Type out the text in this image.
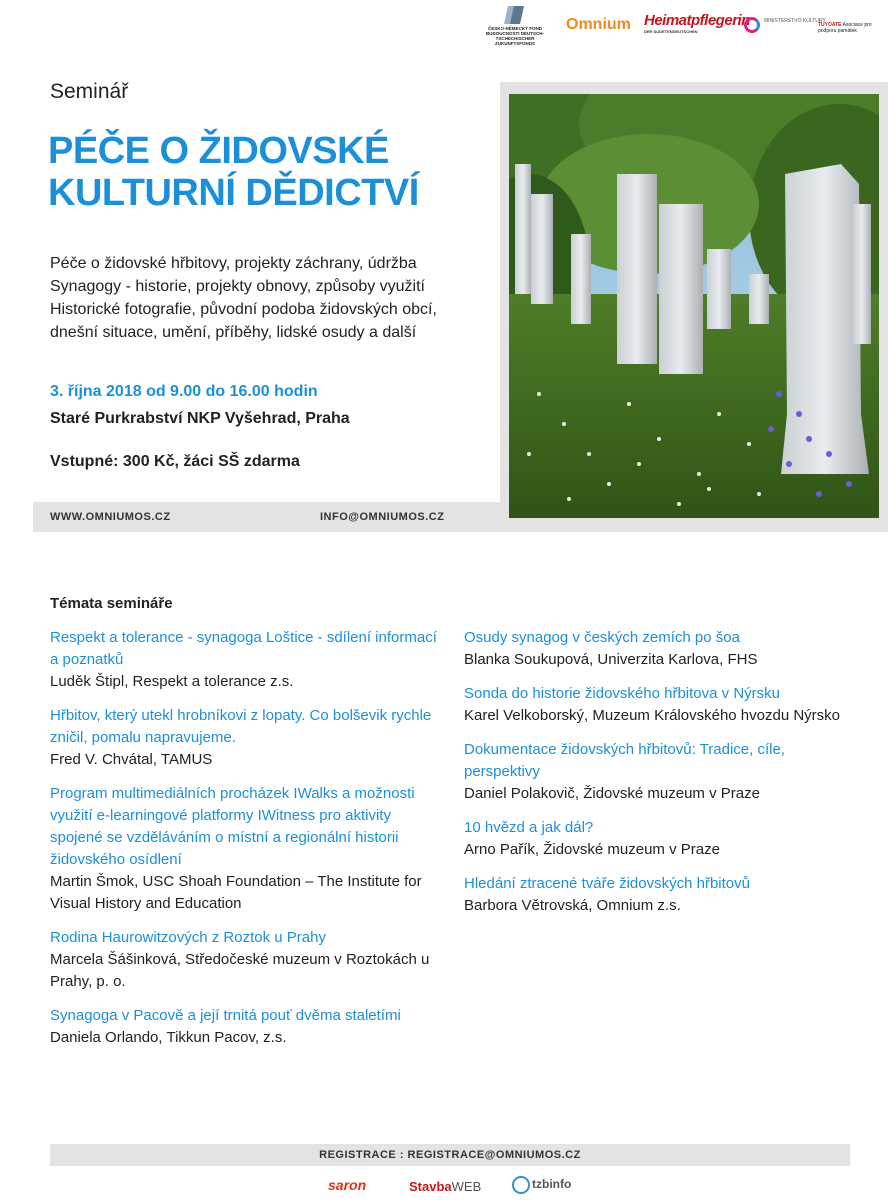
ČESKO-NĚMECKÝ FOND BUDOUCNOSTI DEUTSCH-TSCHECHISCHER ZUKUNFTSFONDS
Omnium Heimatpflegerin
DER SUDETENDEUTSCHEN
MINISTERSTVO KULTURY
TUYOATE Asociace pro podporu památek
Seminář
PÉČE O ŽIDOVSKÉ
KULTURNÍ DĚDICTVÍ
Péče o židovské hřbitovy, projekty záchrany, údržba
Synagogy - historie, projekty obnovy, způsoby využití
Historické fotografie, původní podoba židovských obcí,
dnešní situace, umění, příběhy, lidské osudy a další
3. října 2018 od 9.00 do 16.00 hodin
Staré Purkrabství NKP Vyšehrad, Praha
Vstupné: 300 Kč, žáci SŠ zdarma
WWW.OMNIUMOS.CZ	INFO@OMNIUMOS.CZ
Témata semináře
Respekt a tolerance - synagoga Loštice - sdílení informací a poznatků
Luděk Štipl, Respekt a tolerance z.s.
Hřbitov, který utekl hrobníkovi z lopaty. Co bolševik rychle zničil, pomalu napravujeme.
Fred V. Chvátal, TAMUS
Program multimediálních procházek IWalks a možnosti využití e-learningové platformy IWitness pro aktivity spojené se vzděláváním o místní a regionální historii židovského osídlení
Martin Šmok, USC Shoah Foundation – The Institute for Visual History and Education
Rodina Haurowitzových z Roztok u Prahy
Marcela Šášinková, Středočeské muzeum v Roztokách u Prahy, p. o.
Synagoga v Pacově a její trnitá pouť dvěma staletími
Daniela Orlando, Tikkun Pacov, z.s.
Osudy synagog v českých zemích po šoa
Blanka Soukupová, Univerzita Karlova, FHS
Sonda do historie židovského hřbitova v Nýrsku
Karel Velkoborský, Muzeum Královského hvozdu Nýrsko
Dokumentace židovských hřbitovů: Tradice, cíle, perspektivy
Daniel Polakovič, Židovské muzeum v Praze
10 hvězd a jak dál?
Arno Pařík, Židovské muzeum v Praze
Hledání ztracené tváře židovských hřbitovů
Barbora Větrovská, Omnium z.s.
REGISTRACE : REGISTRACE@OMNIUMOS.CZ
saron	StavbaWEB	tzbinfo
